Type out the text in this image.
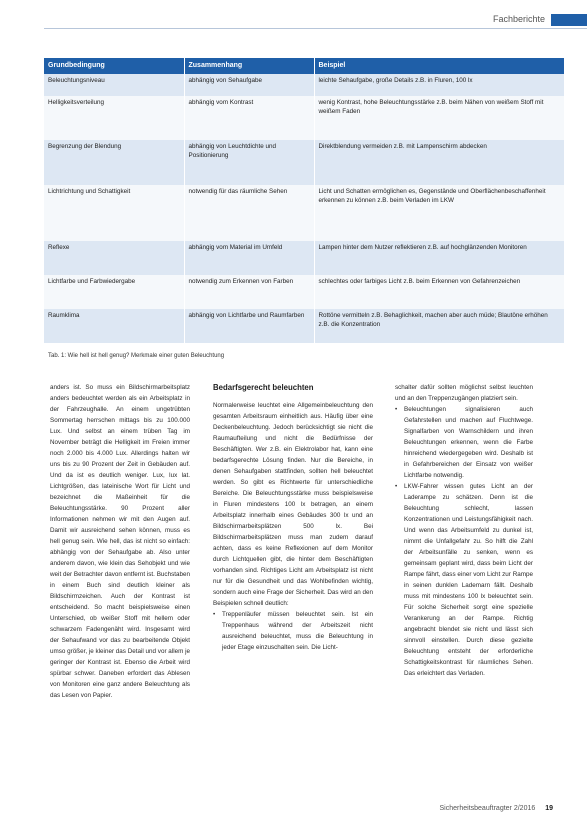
Fachberichte
Grundbedingung	Zusammenhang	Beispiel
Beleuchtungsniveau	abhängig von Sehaufgabe	leichte Sehaufgabe, große Details z.B. in Fluren, 100 lx
Helligkeitsverteilung	abhängig vom Kontrast	wenig Kontrast, hohe Beleuchtungsstärke z.B. beim Nähen von weißem Stoff mit weißem Faden
Begrenzung der Blendung	abhängig von Leuchtdichte und Positionierung	Direktblendung vermeiden z.B. mit Lampenschirm abdecken
Lichtrichtung und Schattigkeit	notwendig für das räumliche Sehen	Licht und Schatten ermöglichen es, Gegenstände und Oberflächenbeschaffenheit erkennen zu können z.B. beim Verladen im LKW
Reflexe	abhängig vom Material im Umfeld	Lampen hinter dem Nutzer reflektieren z.B. auf hochglänzenden Monitoren
Lichtfarbe und Farbwiedergabe	notwendig zum Erkennen von Farben	schlechtes oder farbiges Licht z.B. beim Erkennen von Gefahrenzeichen
Raumklima	abhängig von Lichtfarbe und Raumfarben	Rottöne vermitteln z.B. Behaglichkeit, machen aber auch müde; Blautöne erhöhen z.B. die Konzentration
Tab. 1: Wie hell ist hell genug? Merkmale einer guten Beleuchtung

anders ist. So muss ein Bildschirmarbeitsplatz anders bedeuchtet werden als ein Arbeitsplatz in der Fahrzeughalle. An einem ungetrübten Sommertag herrschen mittags bis zu 100.000 Lux. Und selbst an einem trüben Tag im November beträgt die Helligkeit im Freien immer noch 2.000 bis 4.000 Lux. Allerdings halten wir uns bis zu 90 Prozent der Zeit in Gebäuden auf. Und da ist es deutlich weniger. Lux, lux lat. Lichtgrößen, das lateinische Wort für Licht und bezeichnet die Maßeinheit für die Beleuchtungsstärke. 90 Prozent aller Informationen nehmen wir mit den Augen auf. Damit wir ausreichend sehen können, muss es hell genug sein. Wie hell, das ist nicht so einfach: abhängig von der Sehaufgabe ab. Also unter anderem davon, wie klein das Sehobjekt und wie weit der Betrachter davon entfernt ist. Buchstaben in einem Buch sind deutlich kleiner als Bildschirmzeichen. Auch der Kontrast ist entscheidend. So macht beispielsweise einen Unterschied, ob weißer Stoff mit hellem oder schwarzem Fadengenäht wird. Insgesamt wird der Sehaufwand vor das zu bearbeitende Objekt umso größer, je kleiner das Detail und vor allem je geringer der Kontrast ist. Ebenso die Arbeit wird spürbar schwer. Daneben erfordert das Ablesen von Monitoren eine ganz andere Beleuchtung als das Lesen von Papier.

Bedarfsgerecht beleuchten

Normalerweise leuchtet eine Allgemeinbeleuchtung den gesamten Arbeitsraum einheitlich aus. Häufig über eine Deckenbeleuchtung. Jedoch berücksichtigt sie nicht die Raumaufteilung und nicht die Bedürfnisse der Beschäftigten. Wer z.B. ein Elektrolabor hat, kann eine bedarfsgerechte Lösung finden. Nur die Bereiche, in denen Sehaufgaben stattfinden, sollten hell beleuchtet werden. So gibt es Richtwerte für unterschiedliche Bereiche. Die Beleuchtungsstärke muss beispielsweise in Fluren mindestens 100 lx betragen, an einem Arbeitsplatz innerhalb eines Gebäudes 300 lx und an Bildschirmarbeitsplätzen 500 lx. Bei Bildschirmarbeitsplätzen muss man zudem darauf achten, dass es keine Reflexionen auf dem Monitor durch Lichtquellen gibt, die hinter dem Beschäftigten vorhanden sind. Richtiges Licht am Arbeitsplatz ist nicht nur für die Gesundheit und das Wohlbefinden wichtig, sondern auch eine Frage der Sicherheit. Das wird an den Beispielen schnell deutlich:

• Treppenläufer müssen beleuchtet sein. Ist ein Treppenhaus während der Arbeitszeit nicht ausreichend beleuchtet, muss die Beleuchtung in jeder Etage einzuschalten sein. Die Licht-

schalter dafür sollten möglichst selbst leuchten und an den Treppenzugängen platziert sein.

• Beleuchtungen signalisieren auch Gefahrstellen und machen auf Fluchtwege. Signalfarben von Warnschildern und ihren Beleuchtungen erkennen, wenn die Farbe hinreichend wiedergegeben wird. Deshalb ist in Gefahrbereichen der Einsatz von weißer Lichtfarbe notwendig.

• LKW-Fahrer wissen gutes Licht an der Laderampe zu schätzen. Denn ist die Beleuchtung schlecht, lassen Konzentrationen und Leistungsfähigkeit nach. Und wenn das Arbeitsumfeld zu dunkel ist, nimmt die Unfallgefahr zu. So hilft die Zahl der Arbeitsunfälle zu senken, wenn es gemeinsam geplant wird, dass beim Licht der Rampe fährt, dass einer vom Licht zur Rampe in seinen dunklen Lademarn fällt. Deshalb muss mit mindestens 100 lx beleuchtet sein. Für solche Sicherheit sorgt eine spezielle Verankerung an der Rampe. Richtig angebracht blendet sie nicht und lässt sich sinnvoll einstellen. Durch diese gezielte Beleuchtung entsteht der erforderliche Schattigkeitskontrast für räumliches Sehen. Das erleichtert das Verladen.

Sicherheitsbeauftragter 2/2016 19
